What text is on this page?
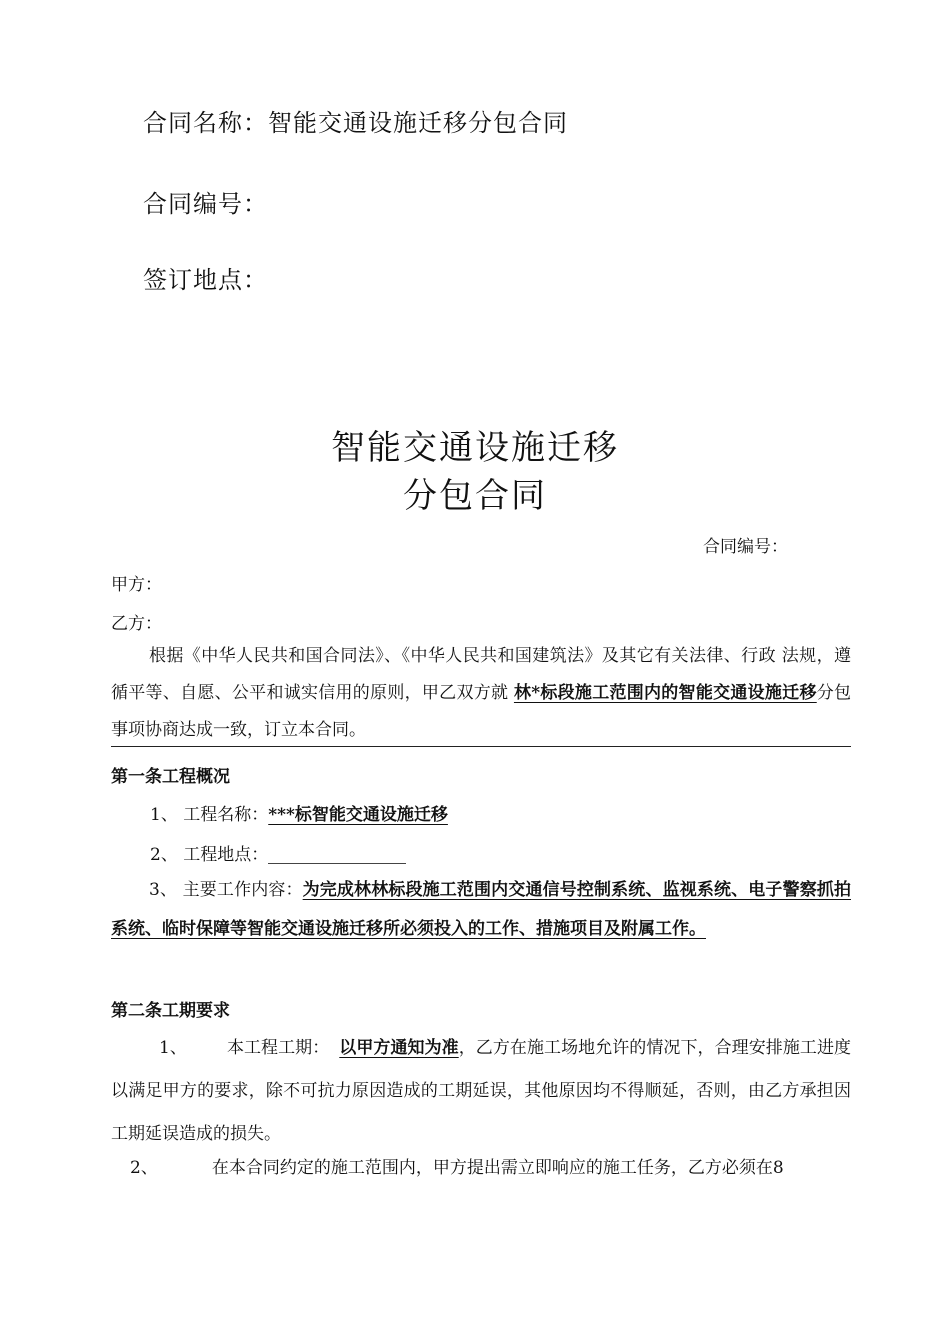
合同名称：智能交通设施迁移分包合同
合同编号：
签订地点：
智能交通设施迁移
分包合同
合同编号：
甲方：
乙方：
根据《中华人民共和国合同法》、《中华人民共和国建筑法》及其它有关法律、行政 法规，遵循平等、自愿、公平和诚实信用的原则，甲乙双方就 林*标段施工范围内的智能交通设施迁移分包事项协商达成一致，订立本合同。
第一条工程概况
1、 工程名称：***标智能交通设施迁移
2、 工程地点：
3、 主要工作内容：为完成林林标段施工范围内交通信号控制系统、监视系统、电子警察抓拍系统、临时保障等智能交通设施迁移所必须投入的工作、措施项目及附属工作。
第二条工期要求
1、 本工程工期： 以甲方通知为准，乙方在施工场地允许的情况下，合理安排施工进度以满足甲方的要求，除不可抗力原因造成的工期延误，其他原因均不得顺延，否则，由乙方承担因工期延误造成的损失。
2、	在本合同约定的施工范围内，甲方提出需立即响应的施工任务，乙方必须在8
